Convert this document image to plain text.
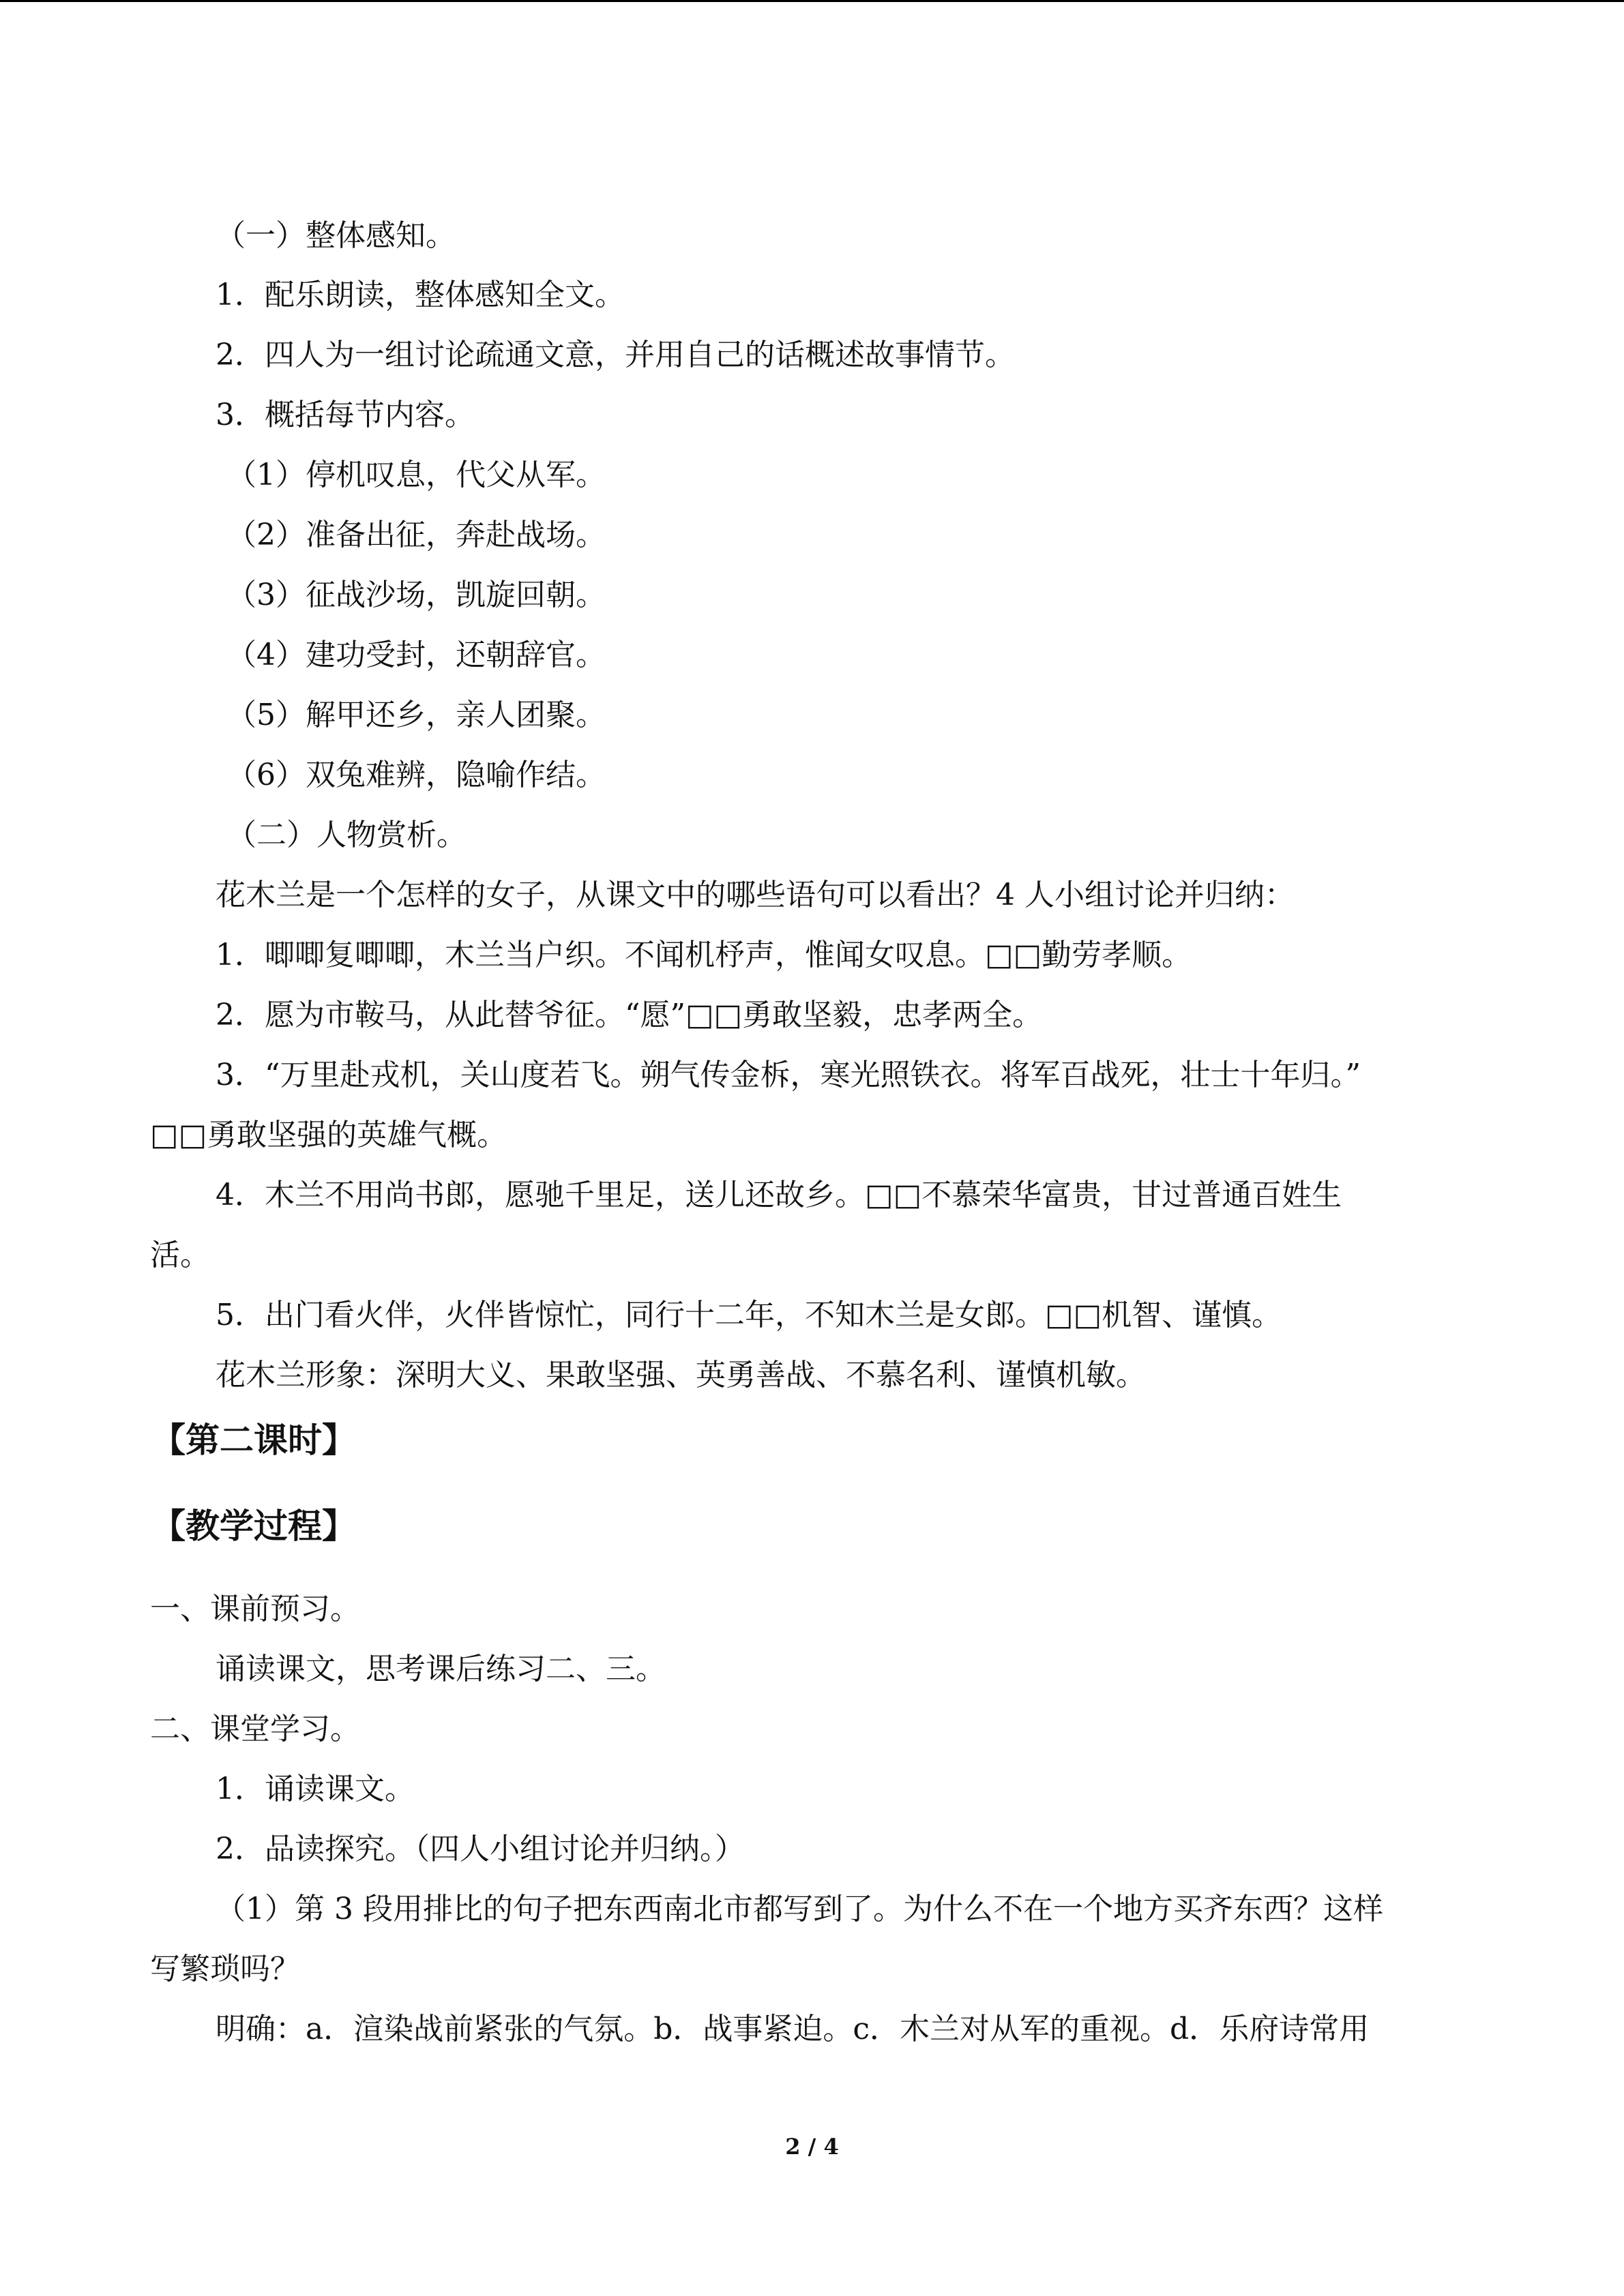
（一）整体感知。
1．配乐朗读，整体感知全文。
2．四人为一组讨论疏通文意，并用自己的话概述故事情节。
3．概括每节内容。
（1）停机叹息，代父从军。
（2）准备出征，奔赴战场。
（3）征战沙场，凯旋回朝。
（4）建功受封，还朝辞官。
（5）解甲还乡，亲人团聚。
（6）双兔难辨，隐喻作结。
（二）人物赏析。
花木兰是一个怎样的女子，从课文中的哪些语句可以看出？4 人小组讨论并归纳：
1．唧唧复唧唧，木兰当户织。不闻机杼声，惟闻女叹息。□□勤劳孝顺。
2．愿为市鞍马，从此替爷征。“愿”□□勇敢坚毅，忠孝两全。
3．“万里赴戎机，关山度若飞。朔气传金柝，寒光照铁衣。将军百战死，壮士十年归。”
□□勇敢坚强的英雄气概。
4．木兰不用尚书郎，愿驰千里足，送儿还故乡。□□不慕荣华富贵，甘过普通百姓生
活。
5．出门看火伴，火伴皆惊忙，同行十二年，不知木兰是女郎。□□机智、谨慎。
花木兰形象：深明大义、果敢坚强、英勇善战、不慕名利、谨慎机敏。
【第二课时】
【教学过程】
一、课前预习。
诵读课文，思考课后练习二、三。
二、课堂学习。
1．诵读课文。
2．品读探究。（四人小组讨论并归纳。）
（1）第 3 段用排比的句子把东西南北市都写到了。为什么不在一个地方买齐东西？这样
写繁琐吗？
明确：a．渲染战前紧张的气氛。b．战事紧迫。c．木兰对从军的重视。d．乐府诗常用
2 / 4
